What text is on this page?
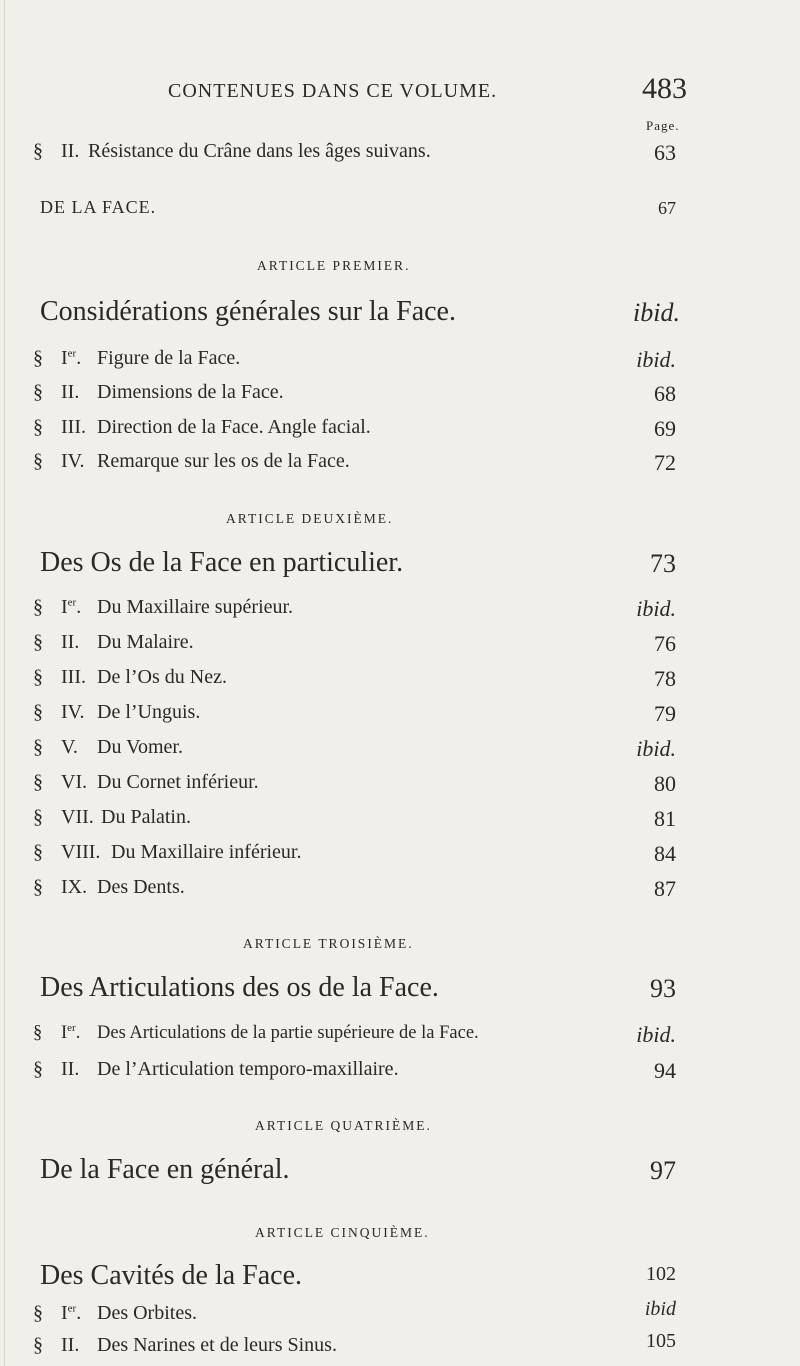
CONTENUES DANS CE VOLUME.	483
Page.
§ II. Résistance du Crâne dans les âges suivans.	63
DE LA FACE.	67
ARTICLE PREMIER.
Considérations générales sur la Face.	ibid.
§ Ier. Figure de la Face.	ibid.
§ II. Dimensions de la Face.	68
§ III. Direction de la Face. Angle facial.	69
§ IV. Remarque sur les os de la Face.	72
ARTICLE DEUXIÈME.
Des Os de la Face en particulier.	73
§ Ier. Du Maxillaire supérieur.	ibid.
§ II. Du Malaire.	76
§ III. De l’Os du Nez.	78
§ IV. De l’Unguis.	79
§ V. Du Vomer.	ibid.
§ VI. Du Cornet inférieur.	80
§ VII. Du Palatin.	81
§ VIII. Du Maxillaire inférieur.	84
§ IX. Des Dents.	87
ARTICLE TROISIÈME.
Des Articulations des os de la Face.	93
§ Ier. Des Articulations de la partie supérieure de la Face.	ibid.
§ II. De l’Articulation temporo-maxillaire.	94
ARTICLE QUATRIÈME.
De la Face en général.	97
ARTICLE CINQUIÈME.
Des Cavités de la Face.	102
§ Ier. Des Orbites.	ibid
§ II. Des Narines et de leurs Sinus.	105
